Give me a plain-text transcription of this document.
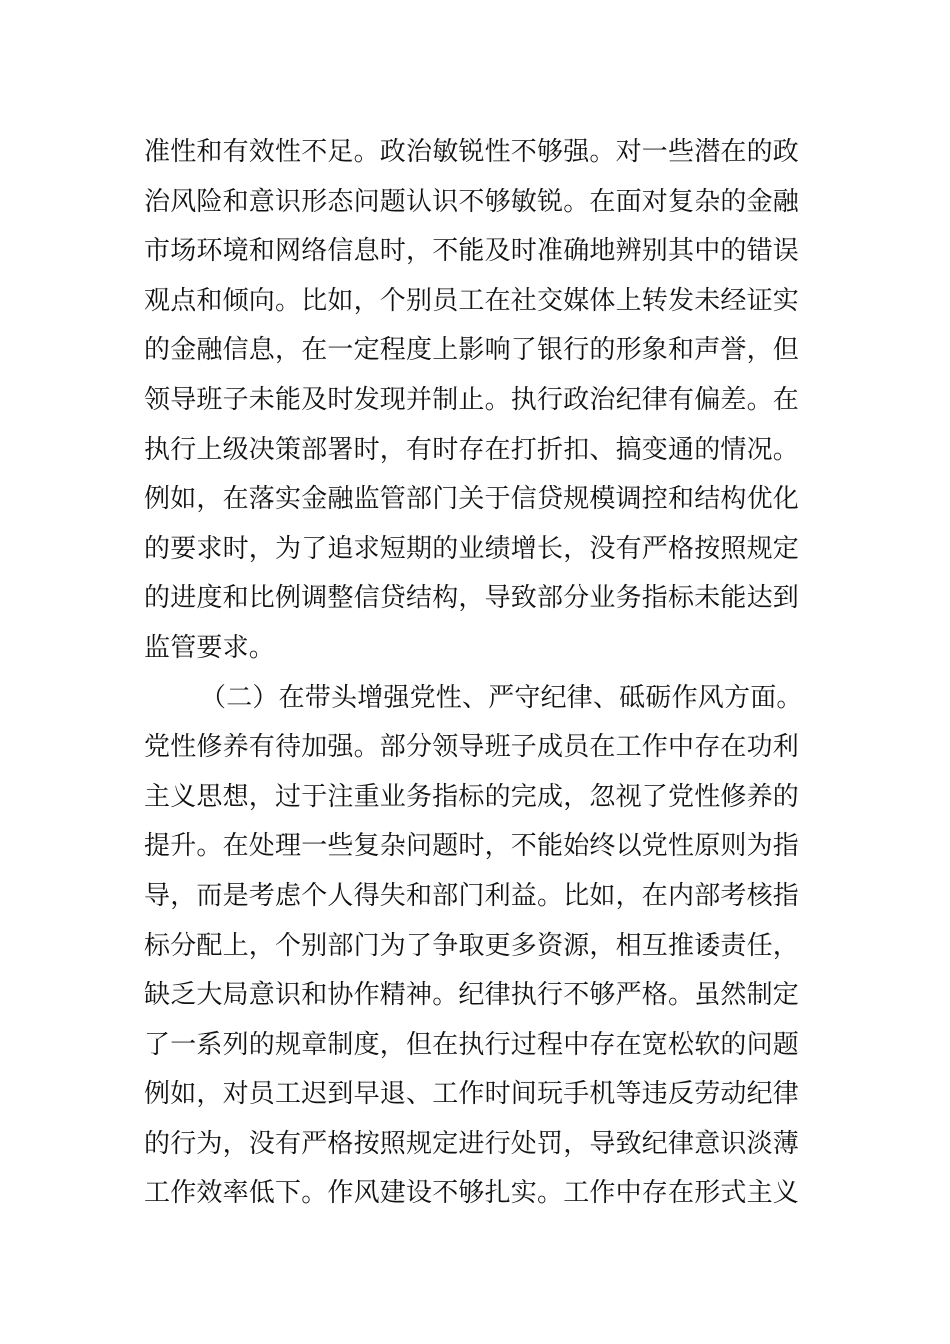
准性和有效性不足。政治敏锐性不够强。对一些潜在的政
治风险和意识形态问题认识不够敏锐。在面对复杂的金融
市场环境和网络信息时，不能及时准确地辨别其中的错误
观点和倾向。比如，个别员工在社交媒体上转发未经证实
的金融信息，在一定程度上影响了银行的形象和声誉，但
领导班子未能及时发现并制止。执行政治纪律有偏差。在
执行上级决策部署时，有时存在打折扣、搞变通的情况。
例如，在落实金融监管部门关于信贷规模调控和结构优化
的要求时，为了追求短期的业绩增长，没有严格按照规定
的进度和比例调整信贷结构，导致部分业务指标未能达到
监管要求。
（二）在带头增强党性、严守纪律、砥砺作风方面。
党性修养有待加强。部分领导班子成员在工作中存在功利
主义思想，过于注重业务指标的完成，忽视了党性修养的
提升。在处理一些复杂问题时，不能始终以党性原则为指
导，而是考虑个人得失和部门利益。比如，在内部考核指
标分配上，个别部门为了争取更多资源，相互推诿责任，
缺乏大局意识和协作精神。纪律执行不够严格。虽然制定
了一系列的规章制度，但在执行过程中存在宽松软的问题
例如，对员工迟到早退、工作时间玩手机等违反劳动纪律
的行为，没有严格按照规定进行处罚，导致纪律意识淡薄
工作效率低下。作风建设不够扎实。工作中存在形式主义
